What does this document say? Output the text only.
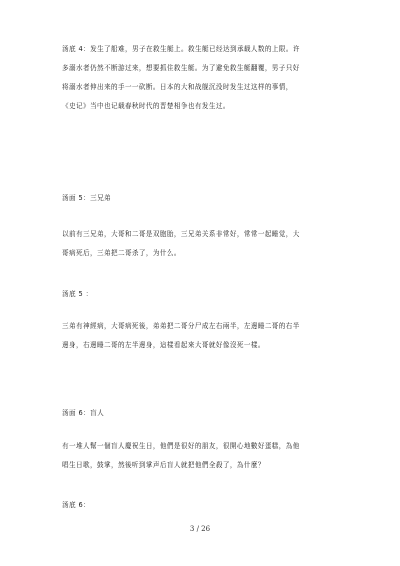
汤底 4：发生了船难，男子在救生艇上。救生艇已经达到承载人数的上限。许
多溺水者仍然不断游过来，想要抓住救生艇。为了避免救生艇翻覆，男子只好
将溺水者伸出来的手一一砍断。日本的大和战舰沉没时发生过这样的事情，
《史记》当中也记载春秋时代的晋楚相争也有发生过。
汤面 5：三兄弟
以前有三兄弟，大哥和二哥是双胞胎，三兄弟关系非常好，常常一起睡觉，大
哥病死后，三弟把二哥杀了，为什么。
汤底 5 ：
三弟有神經病，大哥病死後，弟弟把二哥分尸成左右兩半，左邊睡二哥的右半
邊身，右邊睡二哥的左半邊身，這樣看起來大哥就好像沒死一樣。
汤面 6：盲人
有一堆人幫一個盲人慶祝生日，他們是很好的朋友，很開心地數好蛋糕，為他
唱生日歌，鼓掌，然後听到掌声后盲人就把他們全殺了，為什麼？
汤底 6：
3 / 26
